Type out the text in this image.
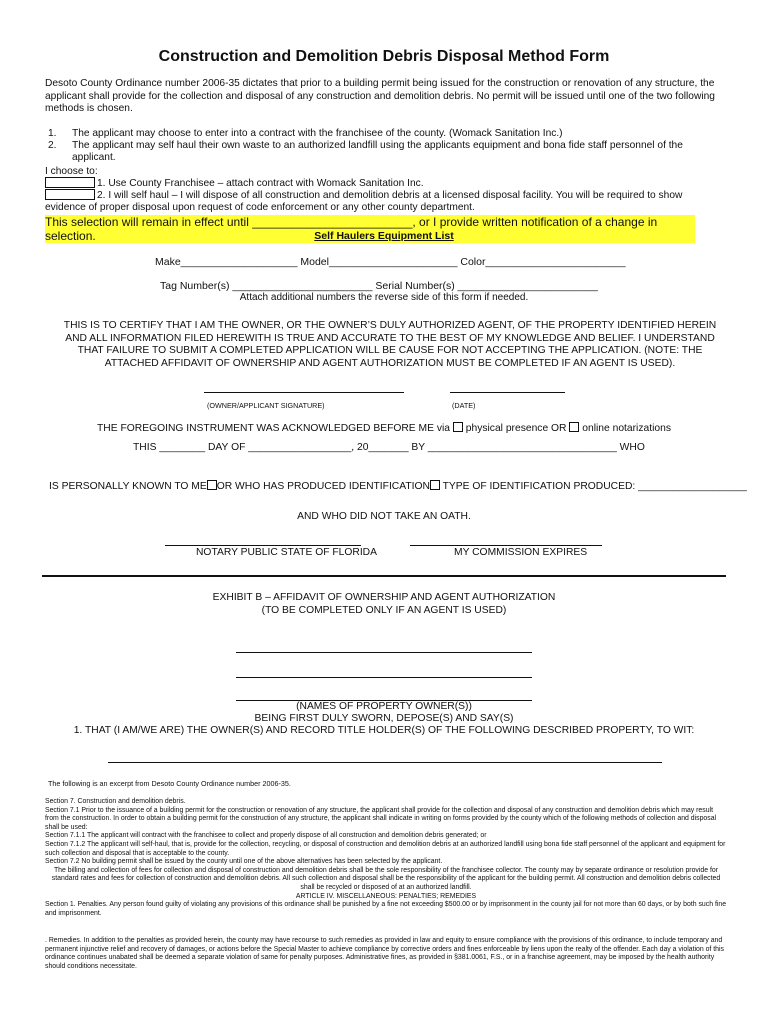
Construction and Demolition Debris Disposal Method Form

Desoto County Ordinance number 2006-35 dictates that prior to a building permit being issued for the construction or renovation of any structure, the applicant shall provide for the collection and disposal of any construction and demolition debris. No permit will be issued until one of the two following methods is chosen.

1. The applicant may choose to enter into a contract with the franchisee of the county. (Womack Sanitation Inc.)
2. The applicant may self haul their own waste to an authorized landfill using the applicants equipment and bona fide staff personnel of the applicant.
I choose to:
1. Use County Franchisee – attach contract with Womack Sanitation Inc.
2. I will self haul – I will dispose of all construction and demolition debris at a licensed disposal facility. You will be required to show evidence of proper disposal upon request of code enforcement or any other county department.
This selection will remain in effect until ________________________, or I provide written notification of a change in selection.	Self Haulers Equipment List
Make____________________ Model______________________ Color________________________
Tag Number(s) ________________________ Serial Number(s) ________________________
Attach additional numbers the reverse side of this form if needed.

THIS IS TO CERTIFY THAT I AM THE OWNER, OR THE OWNER’S DULY AUTHORIZED AGENT, OF THE PROPERTY IDENTIFIED HEREIN AND ALL INFORMATION FILED HEREWITH IS TRUE AND ACCURATE TO THE BEST OF MY KNOWLEDGE AND BELIEF. I UNDERSTAND THAT FAILURE TO SUBMIT A COMPLETED APPLICATION WILL BE CAUSE FOR NOT ACCEPTING THE APPLICATION. (NOTE: THE ATTACHED AFFIDAVIT OF OWNERSHIP AND AGENT AUTHORIZATION MUST BE COMPLETED IF AN AGENT IS USED).

(OWNER/APPLICANT SIGNATURE)	(DATE)
THE FOREGOING INSTRUMENT WAS ACKNOWLEDGED BEFORE ME via physical presence OR online notarizations
THIS ________ DAY OF __________________, 20_______ BY _________________________________ WHO
IS PERSONALLY KNOWN TO ME OR WHO HAS PRODUCED IDENTIFICATION TYPE OF IDENTIFICATION PRODUCED: ___________________
AND WHO DID NOT TAKE AN OATH.
NOTARY PUBLIC STATE OF FLORIDA	MY COMMISSION EXPIRES
EXHIBIT B – AFFIDAVIT OF OWNERSHIP AND AGENT AUTHORIZATION
(TO BE COMPLETED ONLY IF AN AGENT IS USED)
(NAMES OF PROPERTY OWNER(S))
BEING FIRST DULY SWORN, DEPOSE(S) AND SAY(S)
1. THAT (I AM/WE ARE) THE OWNER(S) AND RECORD TITLE HOLDER(S) OF THE FOLLOWING DESCRIBED PROPERTY, TO WIT:
The following is an excerpt from Desoto County Ordinance number 2006-35.
Section 7. Construction and demolition debris.
Section 7.1 Prior to the issuance of a building permit for the construction or renovation of any structure, the applicant shall provide for the collection and disposal of any construction and demolition debris which may result from the construction. In order to obtain a building permit for the construction of any structure, the applicant shall indicate in writing on forms provided by the county which of the following methods of collection and disposal shall be used:
Section 7.1.1 The applicant will contract with the franchisee to collect and properly dispose of all construction and demolition debris generated; or
Section 7.1.2 The applicant will self-haul, that is, provide for the collection, recycling, or disposal of construction and demolition debris at an authorized landfill using bona fide staff personnel of the applicant and equipment for such collection and disposal that is acceptable to the county.
Section 7.2 No building permit shall be issued by the county until one of the above alternatives has been selected by the applicant.
The billing and collection of fees for collection and disposal of construction and demolition debris shall be the sole responsibility of the franchisee collector. The county may by separate ordinance or resolution provide for standard rates and fees for collection of construction and demolition debris. All such collection and disposal shall be the responsibility of the applicant for the building permit. All construction and demolition debris collected shall be recycled or disposed of at an authorized landfill.
ARTICLE IV. MISCELLANEOUS: PENALTIES; REMEDIES
Section 1. Penalties. Any person found guilty of violating any provisions of this ordinance shall be punished by a fine not exceeding $500.00 or by imprisonment in the county jail for not more than 60 days, or by both such fine and imprisonment.
. Remedies. In addition to the penalties as provided herein, the county may have recourse to such remedies as provided in law and equity to ensure compliance with the provisions of this ordinance, to include temporary and permanent injunctive relief and recovery of damages, or actions before the Special Master to achieve compliance by corrective orders and fines enforceable by liens upon the realty of the offender. Each day a violation of this ordinance continues unabated shall be deemed a separate violation of same for penalty purposes. Administrative fines, as provided in §381.0061, F.S., or in a franchise agreement, may be imposed by the health authority should conditions necessitate.
